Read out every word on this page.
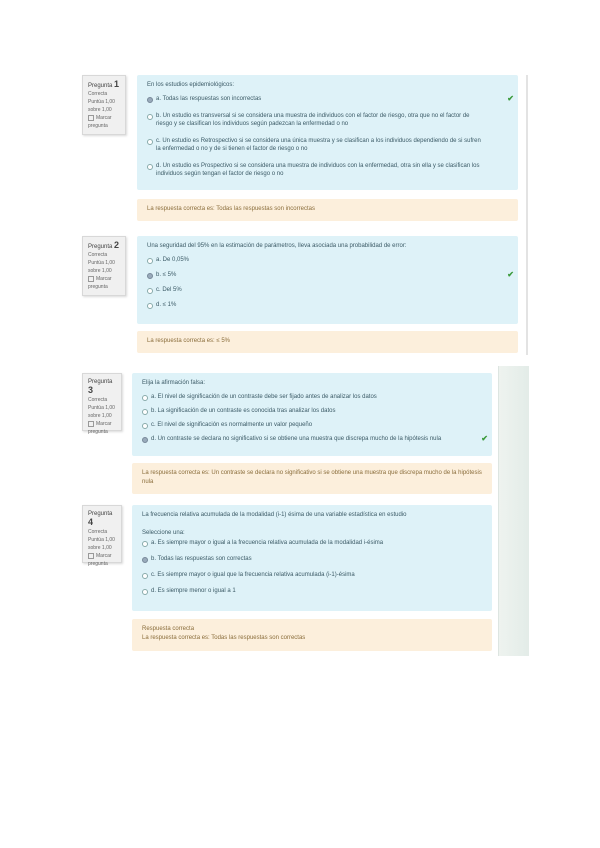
Pregunta 1
Correcta
Puntúa 1,00 sobre 1,00
Marcar pregunta
En los estudios epidemiológicos:
a. Todas las respuestas son incorrectas	✔
b. Un estudio es transversal si se considera una muestra de individuos con el factor de riesgo, otra que no el factor de riesgo y se clasifican los individuos según padezcan la enfermedad o no
c. Un estudio es Retrospectivo si se considera una única muestra y se clasifican a los individuos dependiendo de si sufren la enfermedad o no y de si tienen el factor de riesgo o no
d. Un estudio es Prospectivo si se considera una muestra de individuos con la enfermedad, otra sin ella y se clasifican los individuos según tengan el factor de riesgo o no
La respuesta correcta es: Todas las respuestas son incorrectas
Pregunta 2
Correcta
Puntúa 1,00 sobre 1,00
Marcar pregunta
Una seguridad del 95% en la estimación de parámetros, lleva asociada una probabilidad de error:
a. De 0,05%
b. ≤ 5%	✔
c. Del 5%
d. ≤ 1%
La respuesta correcta es: ≤ 5%
Pregunta 3
Correcta
Puntúa 1,00 sobre 1,00
Marcar pregunta
Elija la afirmación falsa:
a. El nivel de significación de un contraste debe ser fijado antes de analizar los datos
b. La significación de un contraste es conocida tras analizar los datos
c. El nivel de significación es normalmente un valor pequeño
d. Un contraste se declara no significativo si se obtiene una muestra que discrepa mucho de la hipótesis nula	✔
La respuesta correcta es: Un contraste se declara no significativo si se obtiene una muestra que discrepa mucho de la hipótesis nula
Pregunta 4
Correcta
Puntúa 1,00 sobre 1,00
Marcar pregunta
La frecuencia relativa acumulada de la modalidad (i-1) ésima de una variable estadística en estudio
Seleccione una:
a. Es siempre mayor o igual a la frecuencia relativa acumulada de la modalidad i-ésima
b. Todas las respuestas son correctas
c. Es siempre mayor o igual que la frecuencia relativa acumulada (i-1)-ésima
d. Es siempre menor o igual a 1
Respuesta correcta
La respuesta correcta es: Todas las respuestas son correctas
